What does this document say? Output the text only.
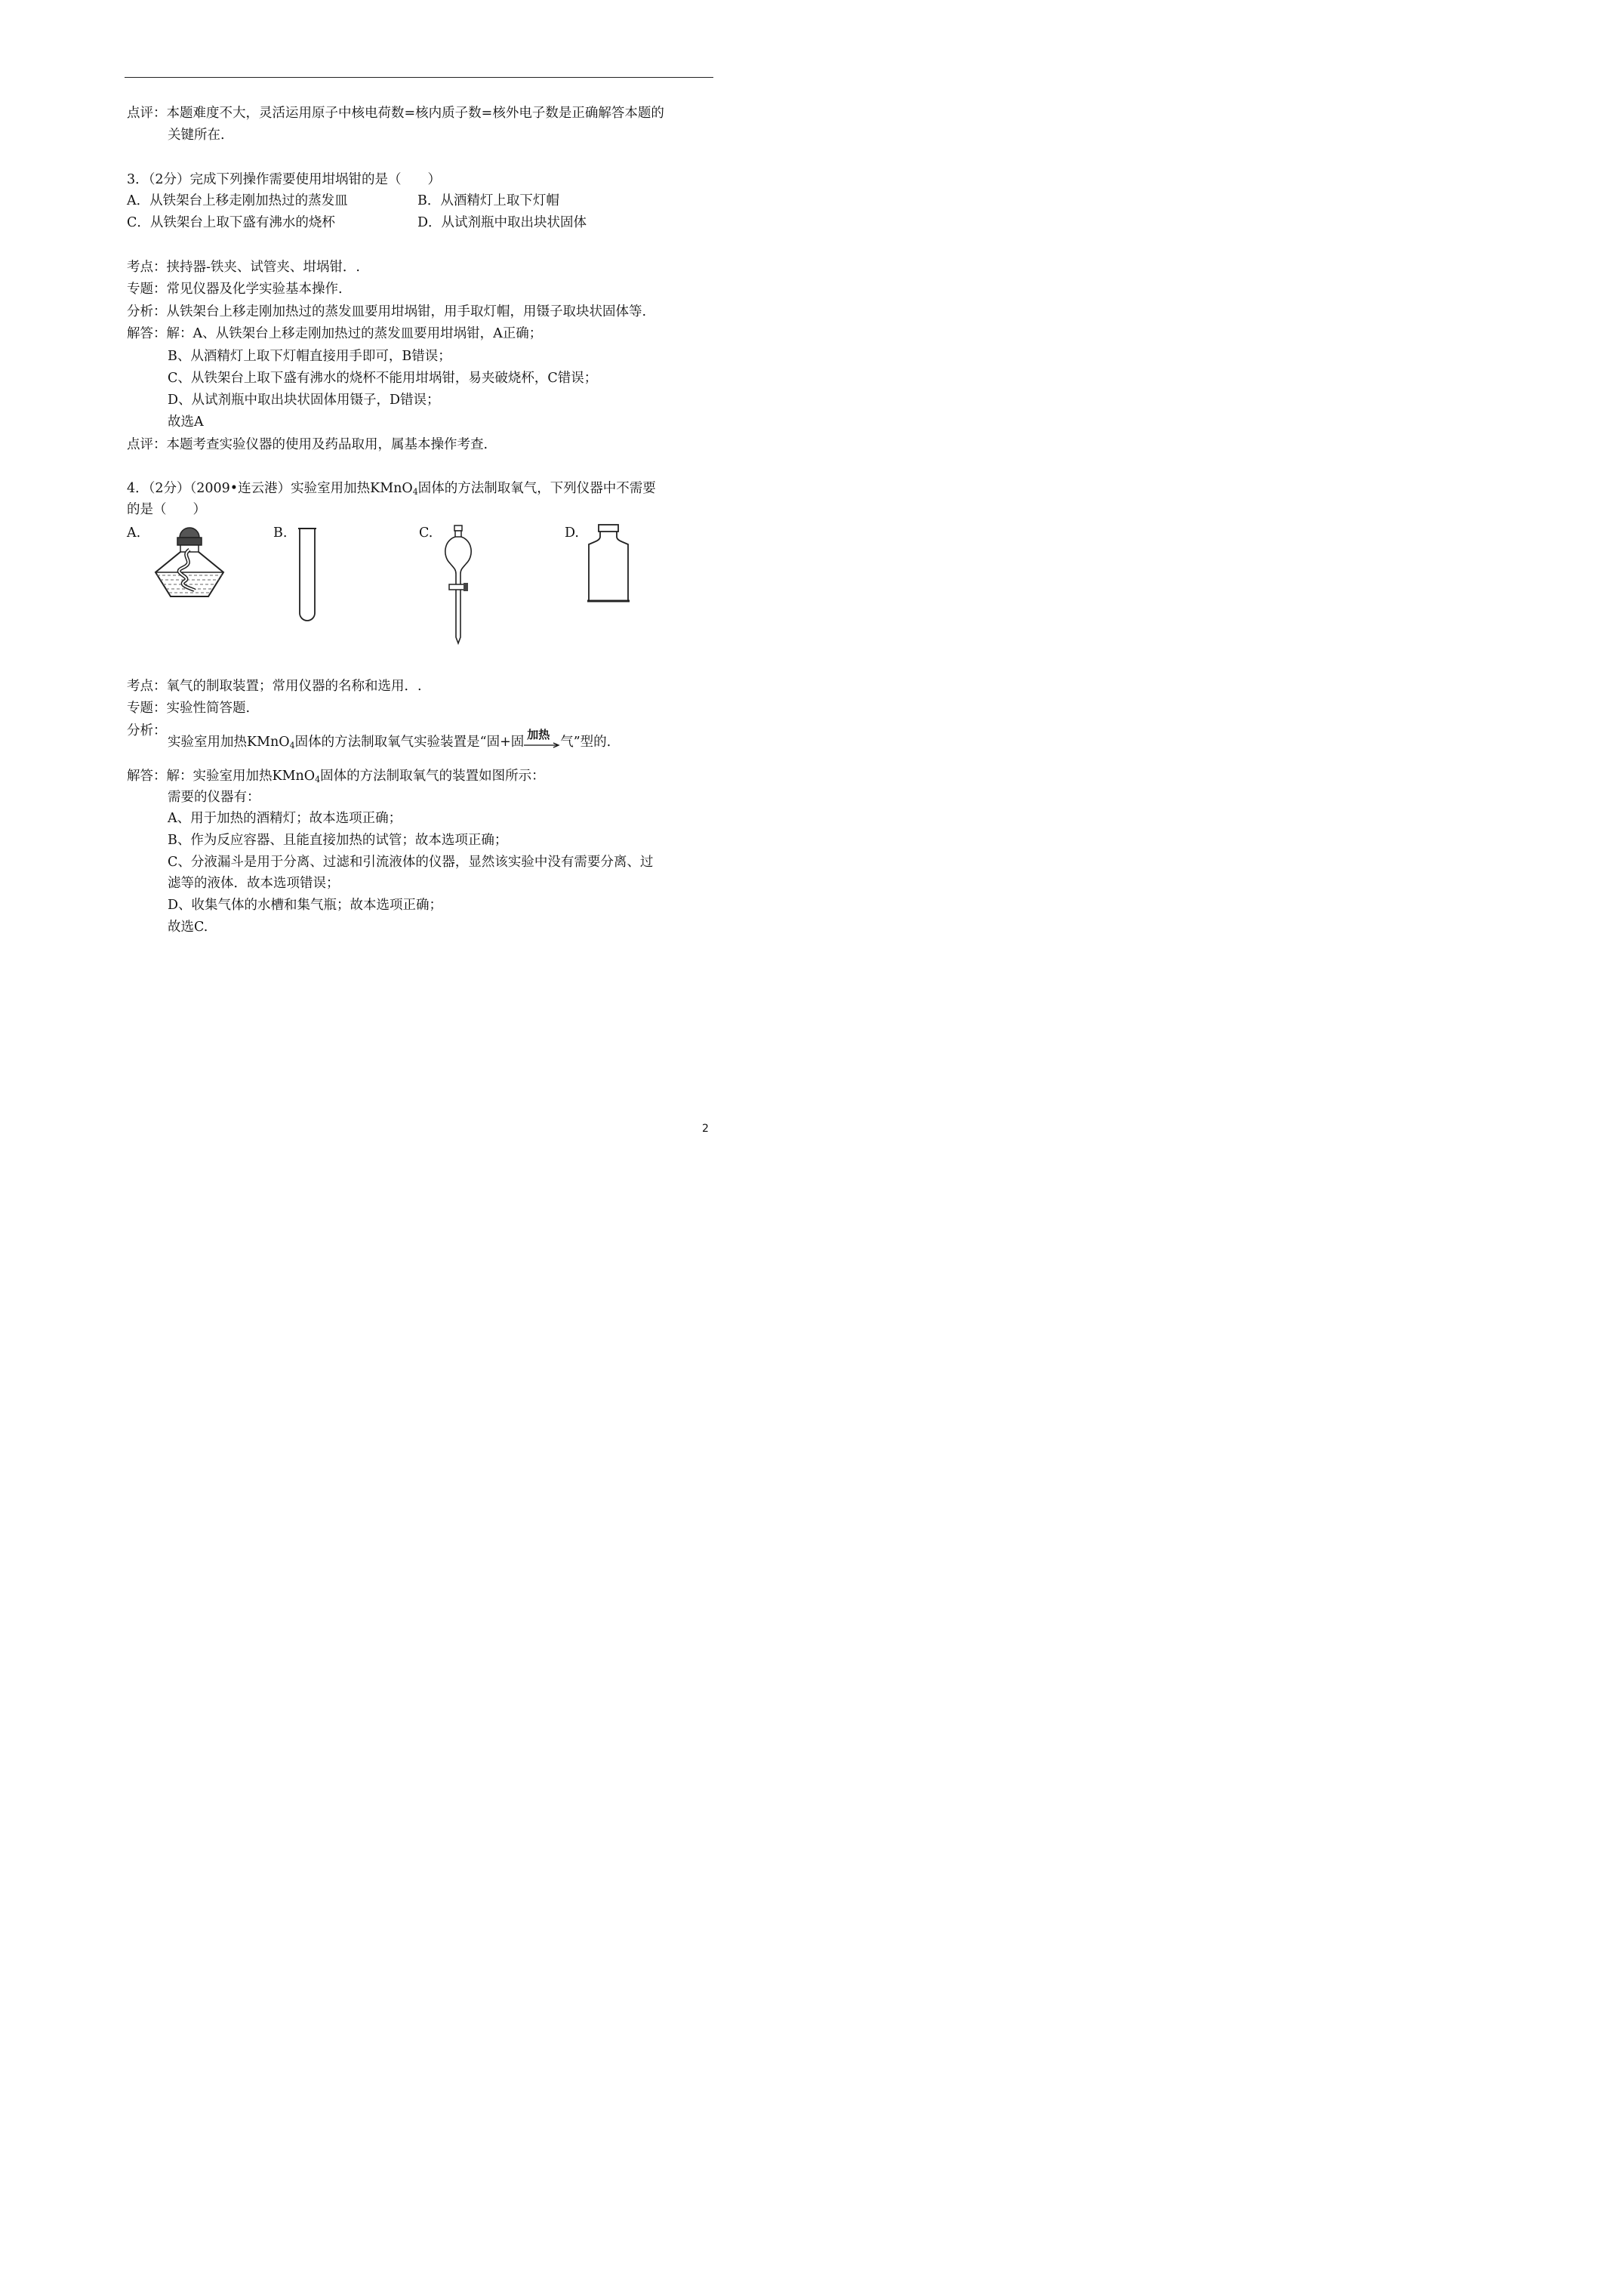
点评：本题难度不大，灵活运用原子中核电荷数=核内质子数=核外电子数是正确解答本题的
关键所在.
3．（2分）完成下列操作需要使用坩埚钳的是（　　）
A．从铁架台上移走刚加热过的蒸发皿	B．从酒精灯上取下灯帽
C．从铁架台上取下盛有沸水的烧杯	D．从试剂瓶中取出块状固体
考点：挟持器-铁夹、试管夹、坩埚钳．.
专题：常见仪器及化学实验基本操作.
分析：从铁架台上移走刚加热过的蒸发皿要用坩埚钳，用手取灯帽，用镊子取块状固体等.
解答：解：A、从铁架台上移走刚加热过的蒸发皿要用坩埚钳，A正确；
B、从酒精灯上取下灯帽直接用手即可，B错误；
C、从铁架台上取下盛有沸水的烧杯不能用坩埚钳，易夹破烧杯，C错误；
D、从试剂瓶中取出块状固体用镊子，D错误；
故选A
点评：本题考查实验仪器的使用及药品取用，属基本操作考查.
4．（2分）（2009•连云港）实验室用加热KMnO$_4$固体的方法制取氧气，下列仪器中不需要
的是（　　）
A.	B.	C.	D.
考点：氧气的制取装置；常用仪器的名称和选用．.
专题：实验性简答题.
分析：
实验室用加热KMnO$_4$固体的方法制取氧气实验装置是“固+固 加热 气”型的.
解答：解：实验室用加热KMnO$_4$固体的方法制取氧气的装置如图所示：
需要的仪器有：
A、用于加热的酒精灯；故本选项正确；
B、作为反应容器、且能直接加热的试管；故本选项正确；
C、分液漏斗是用于分离、过滤和引流液体的仪器，显然该实验中没有需要分离、过
滤等的液体．故本选项错误；
D、收集气体的水槽和集气瓶；故本选项正确；
故选C.
2
